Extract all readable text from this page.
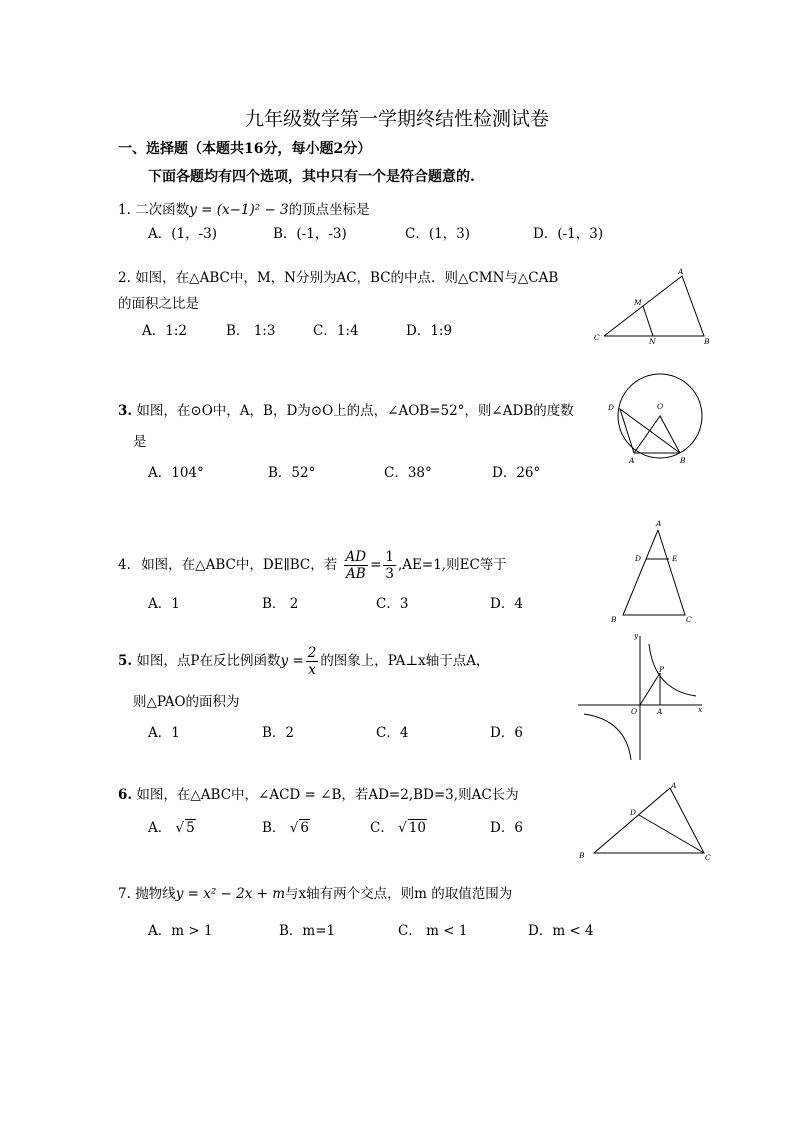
九年级数学第一学期终结性检测试卷
一、选择题（本题共16分，每小题2分）
下面各题均有四个选项，其中只有一个是符合题意的.
1. 二次函数y = (x−1)² − 3的顶点坐标是
A．(1，-3)	B．(-1，-3)	C．(1，3)	D．(-1，3)
2. 如图，在△ABC中，M，N分别为AC，BC的中点．则△CMN与△CAB
的面积之比是
A．1:2	B． 1:3	C．1:4	D．1:9
A
M
C	N	B
3. 如图，在⊙O中，A，B，D为⊙O上的点，∠AOB=52°，则∠ADB的度数
是
A．104°	B．52°	C．38°	D．26°
D	O
A	B
4. 如图，在△ABC中，DE∥BC，若 $\frac{AD}{AB} = \frac{1}{3} ,AE=1$,则EC等于
A．1	B． 2	C．3	D．4
A
D	E
B	C
5. 如图，点P在反比例函数$y = \frac{2}{x}$ 的图象上，PA⊥x轴于点A，
则△PAO的面积为
A．1	B．2	C．4	D．6
y
P
O	A	x
6. 如图，在△ABC中，∠ACD = ∠B，若AD=2,BD=3,则AC长为
A． √ 5	B． √ 6	C． √ 10	D．6
A
D
B	C
7. 抛物线y = x² − 2x + m与x轴有两个交点，则m 的取值范围为
A．m > 1	B．m=1	C． m < 1	D．m < 4
